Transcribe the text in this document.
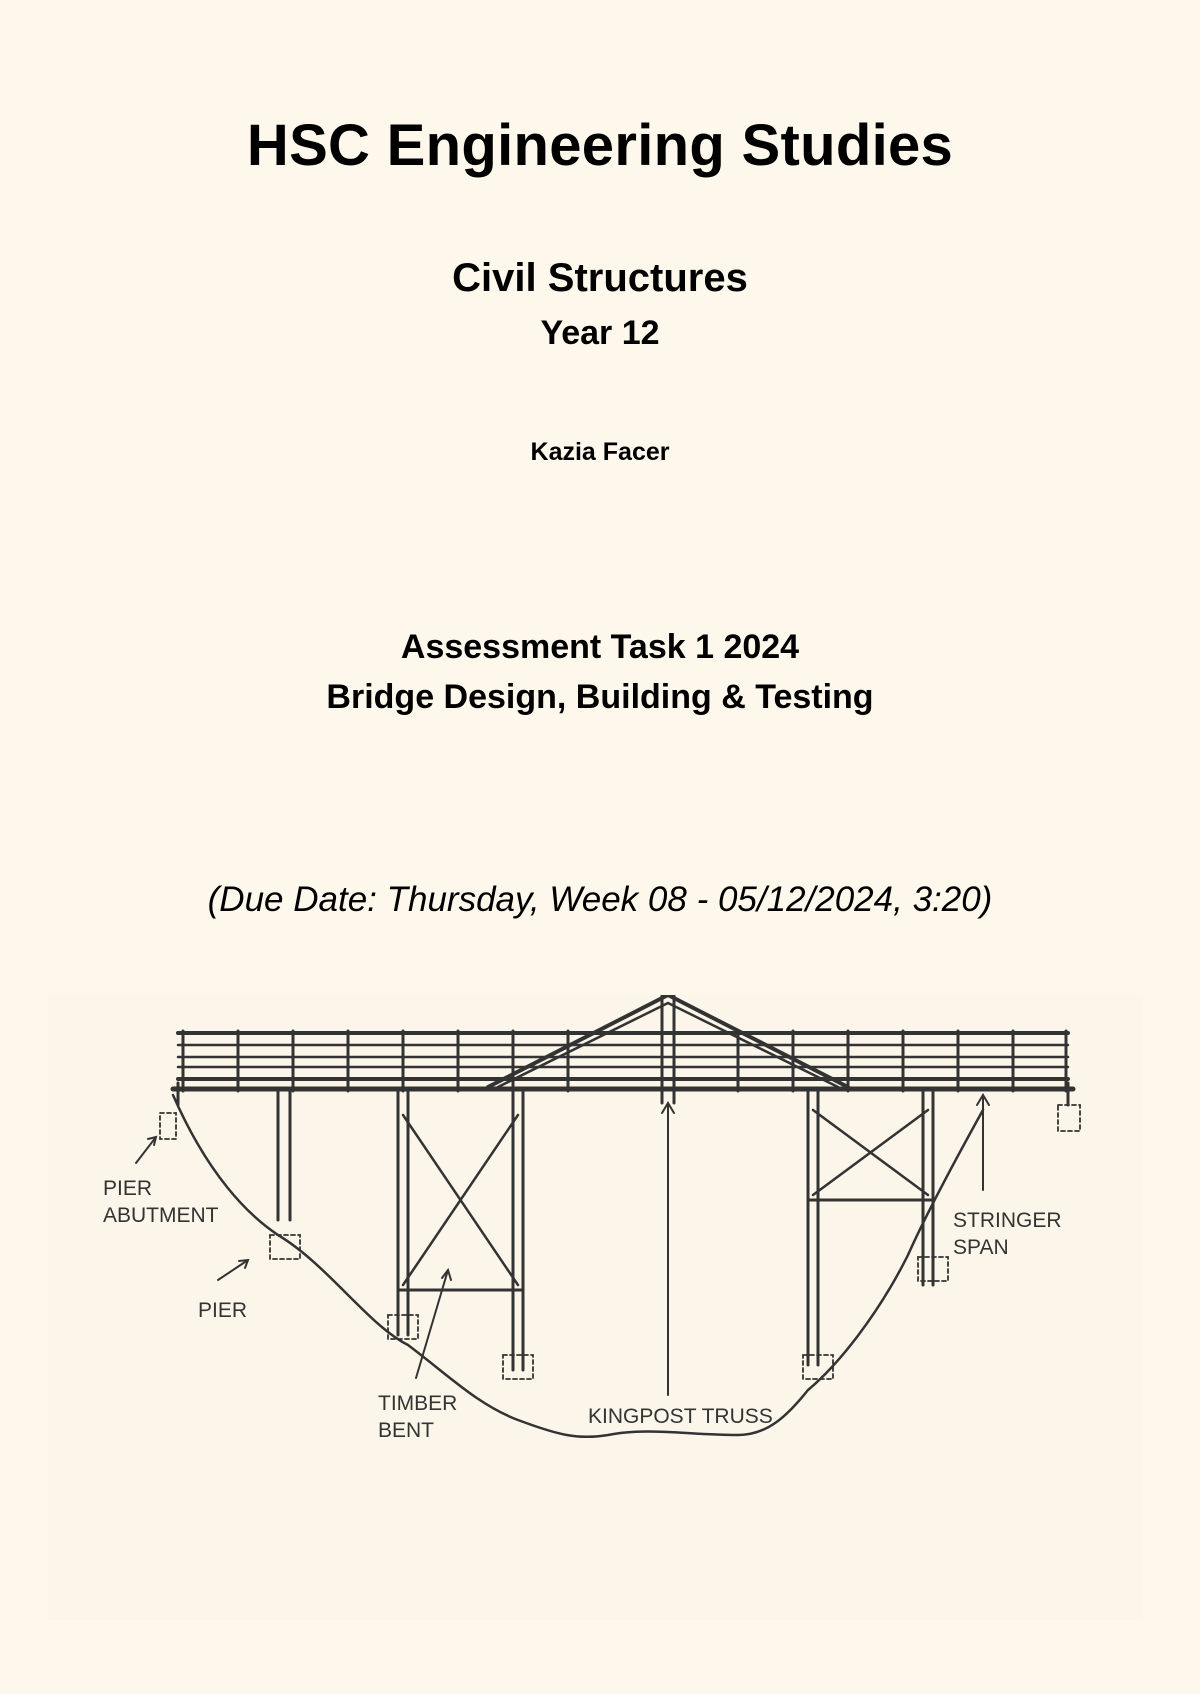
HSC Engineering Studies
Civil Structures
Year 12
Kazia Facer
Assessment Task 1 2024
Bridge Design, Building & Testing
(Due Date: Thursday, Week 08 - 05/12/2024, 3:20)
PIER
ABUTMENT
PIER
TIMBER
BENT
KINGPOST TRUSS
STRINGER
SPAN
